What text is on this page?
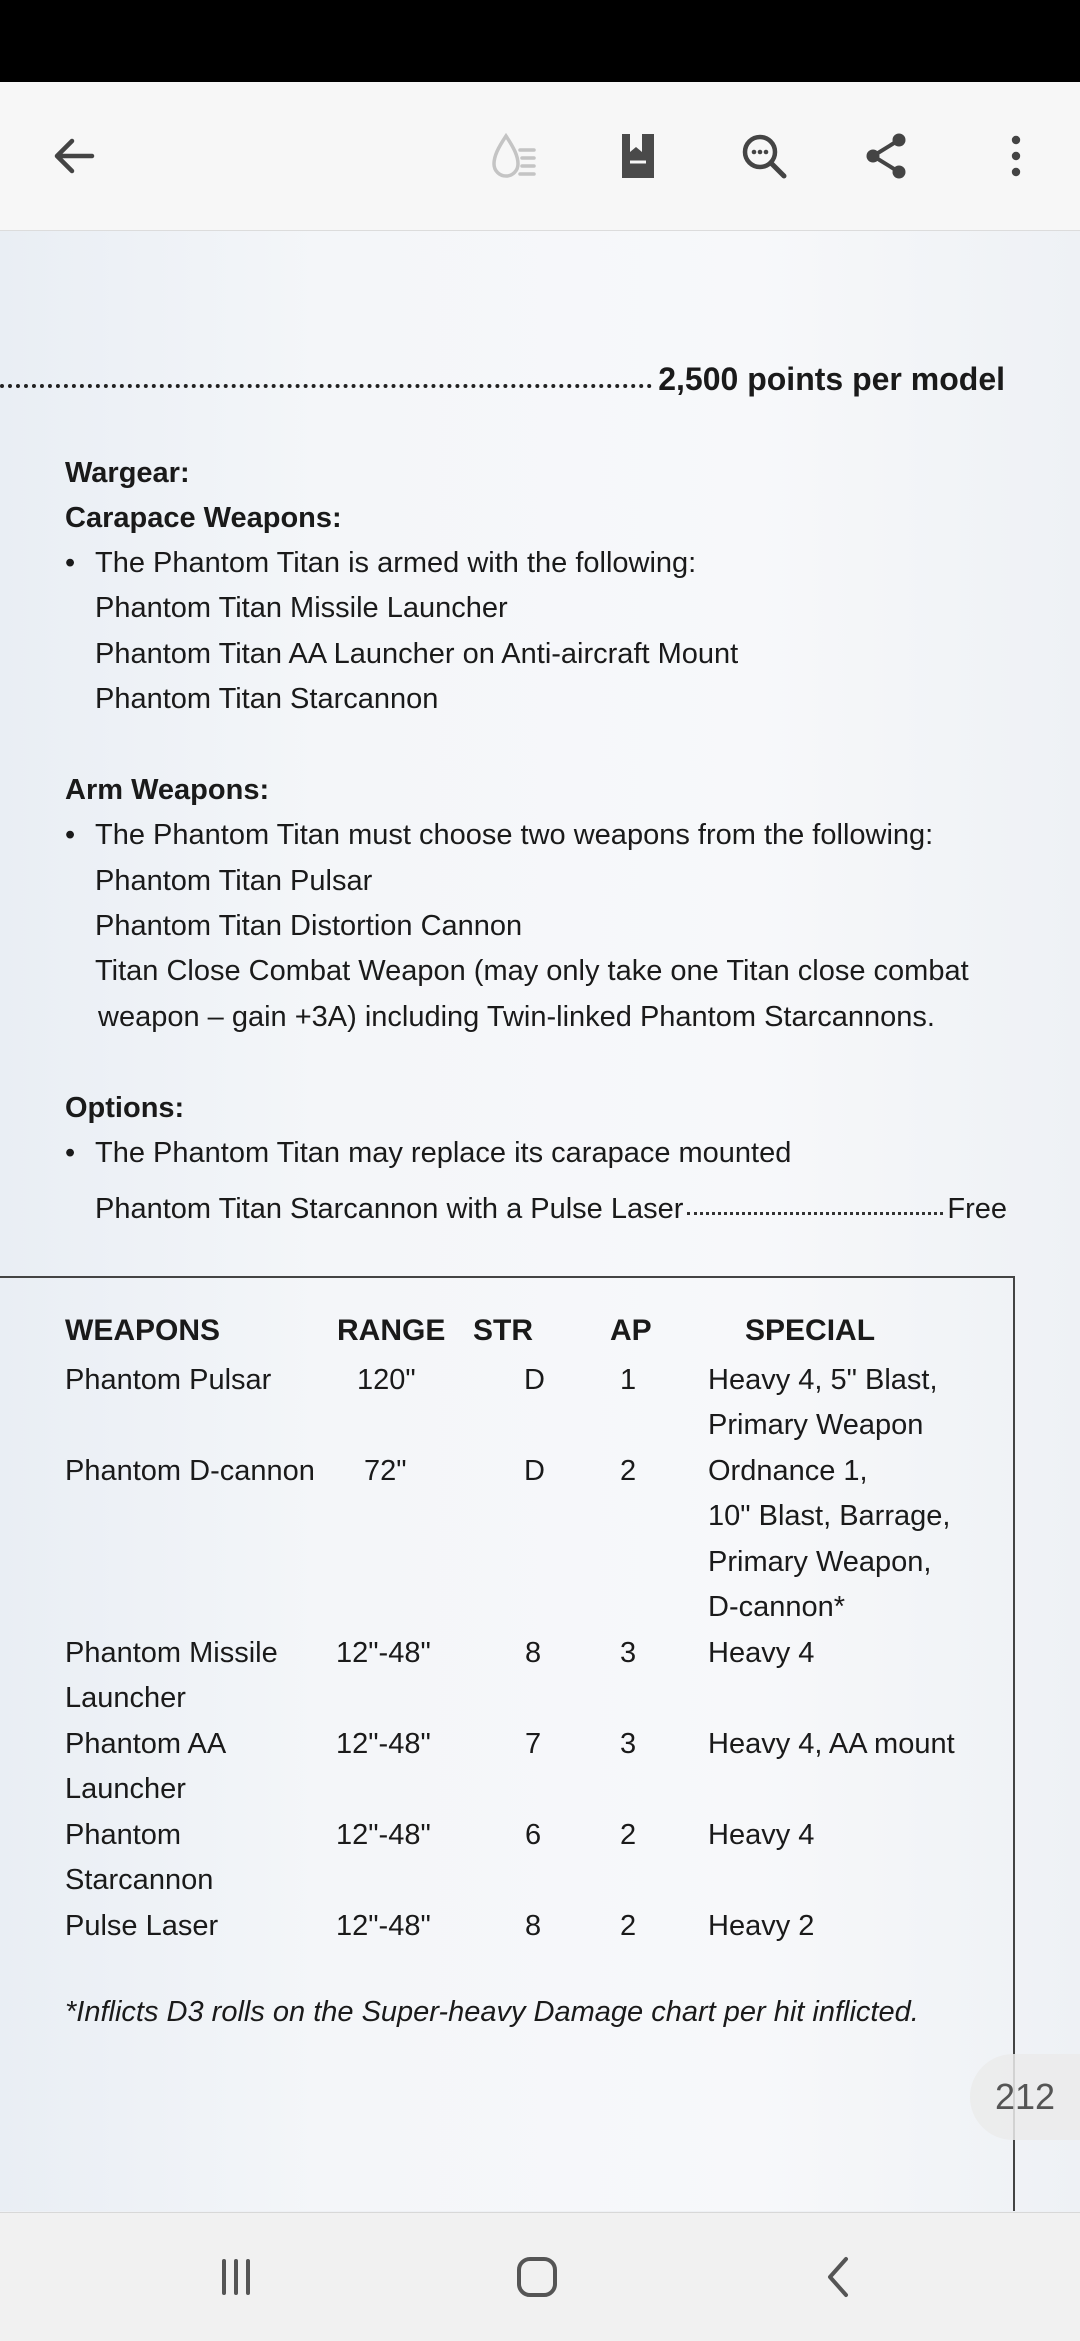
2,500 points per model
Wargear:
Carapace Weapons:
• The Phantom Titan is armed with the following:
Phantom Titan Missile Launcher
Phantom Titan AA Launcher on Anti-aircraft Mount
Phantom Titan Starcannon
Arm Weapons:
• The Phantom Titan must choose two weapons from the following:
Phantom Titan Pulsar
Phantom Titan Distortion Cannon
Titan Close Combat Weapon (may only take one Titan close combat
weapon – gain +3A) including Twin-linked Phantom Starcannons.
Options:
• The Phantom Titan may replace its carapace mounted
Phantom Titan Starcannon with a Pulse Laser	Free
WEAPONS	RANGE STR	AP	SPECIAL
Phantom Pulsar	120"	D	1 Heavy 4, 5" Blast,
Primary Weapon
Phantom D-cannon 72"	D	2 Ordnance 1,
10" Blast, Barrage,
Primary Weapon,
D-cannon*
Phantom Missile
Launcher
12"-48"	8	3 Heavy 4
Phantom AA
Launcher
12"-48"	7	3 Heavy 4, AA mount
Phantom
Starcannon
12"-48"	6	2 Heavy 4
Pulse Laser	12"-48"	8	2 Heavy 2
*Inflicts D3 rolls on the Super-heavy Damage chart per hit inflicted.
212
